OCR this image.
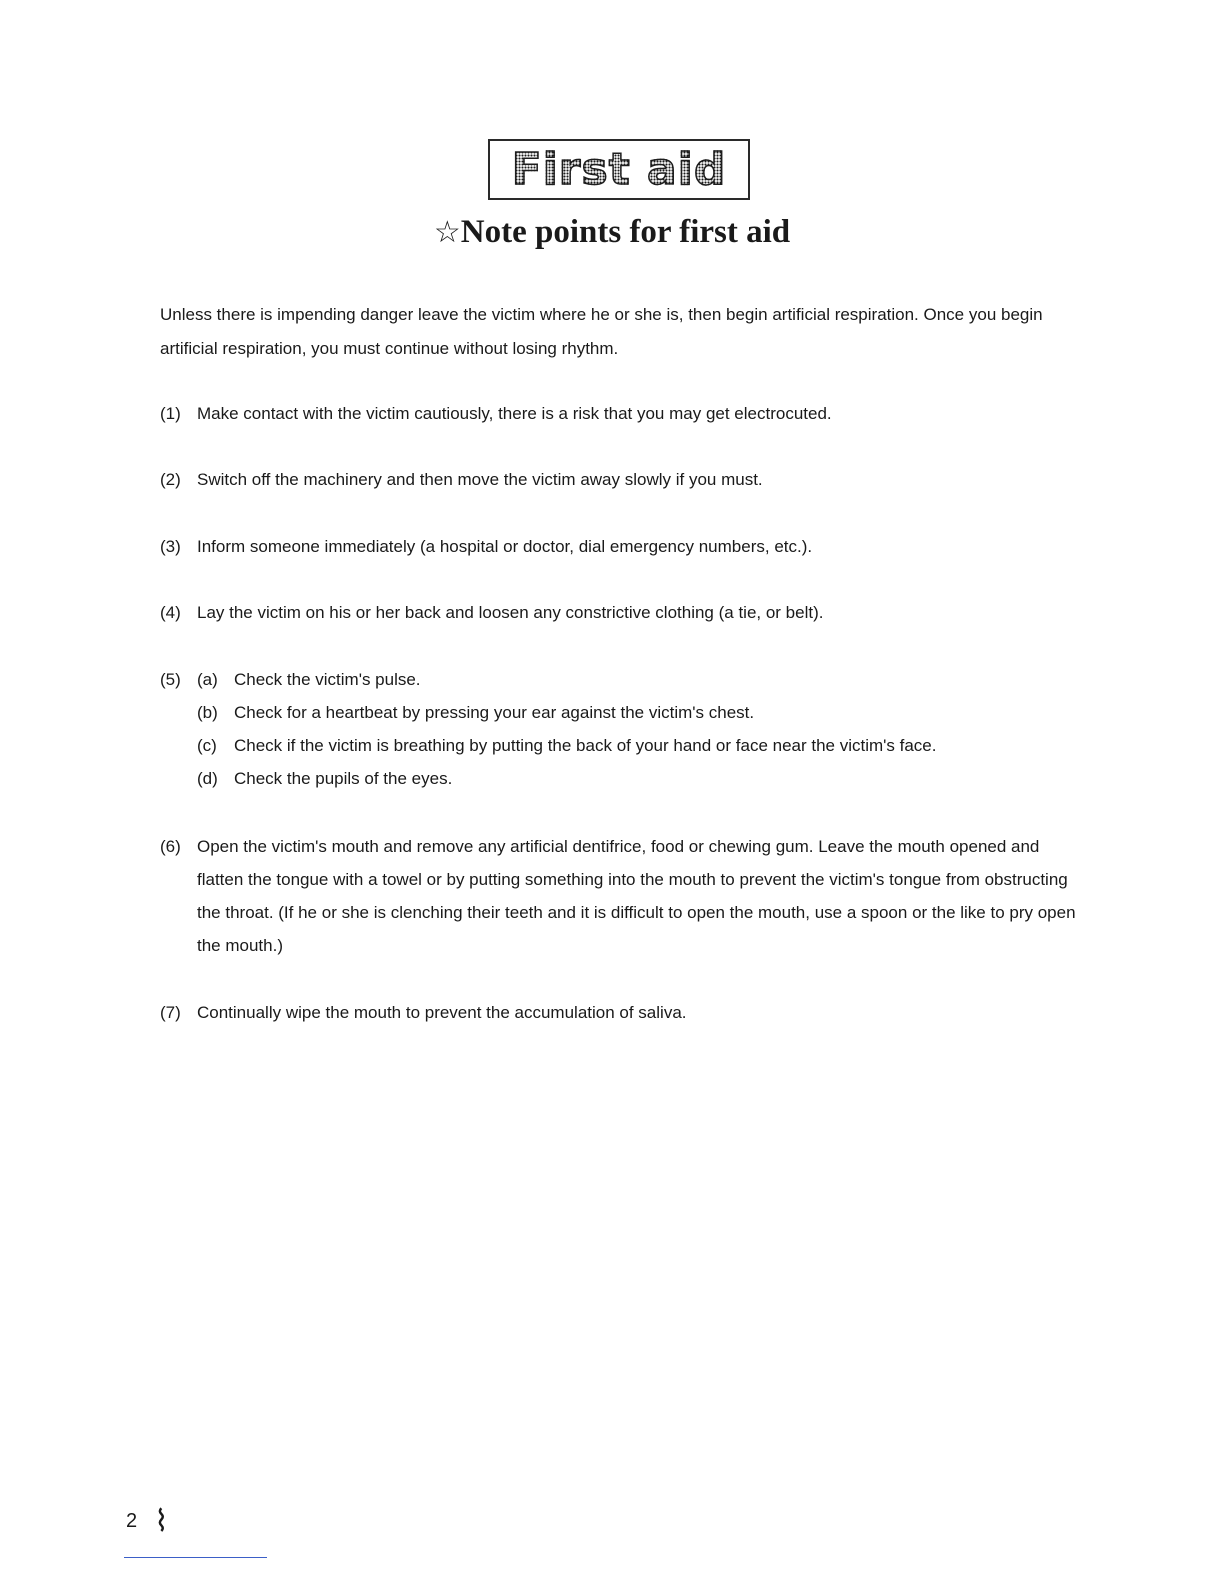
First aid
☆Note points for first aid
Unless there is impending danger leave the victim where he or she is, then begin artificial respiration. Once you begin artificial respiration, you must continue without losing rhythm.
(1) Make contact with the victim cautiously, there is a risk that you may get electrocuted.
(2) Switch off the machinery and then move the victim away slowly if you must.
(3) Inform someone immediately (a hospital or doctor, dial emergency numbers, etc.).
(4) Lay the victim on his or her back and loosen any constrictive clothing (a tie, or belt).
(5) (a) Check the victim's pulse.
(b) Check for a heartbeat by pressing your ear against the victim's chest.
(c)	Check if the victim is breathing by putting the back of your hand or face near the victim's face.
(d) Check the pupils of the eyes.
(6) Open the victim's mouth and remove any artificial dentifrice, food or chewing gum. Leave the mouth opened and flatten the tongue with a towel or by putting something into the mouth to prevent the victim's tongue from obstructing the throat. (If he or she is clenching their teeth and it is difficult to open the mouth, use a spoon or the like to pry open the mouth.)
(7) Continually wipe the mouth to prevent the accumulation of saliva.
2 ⌇
